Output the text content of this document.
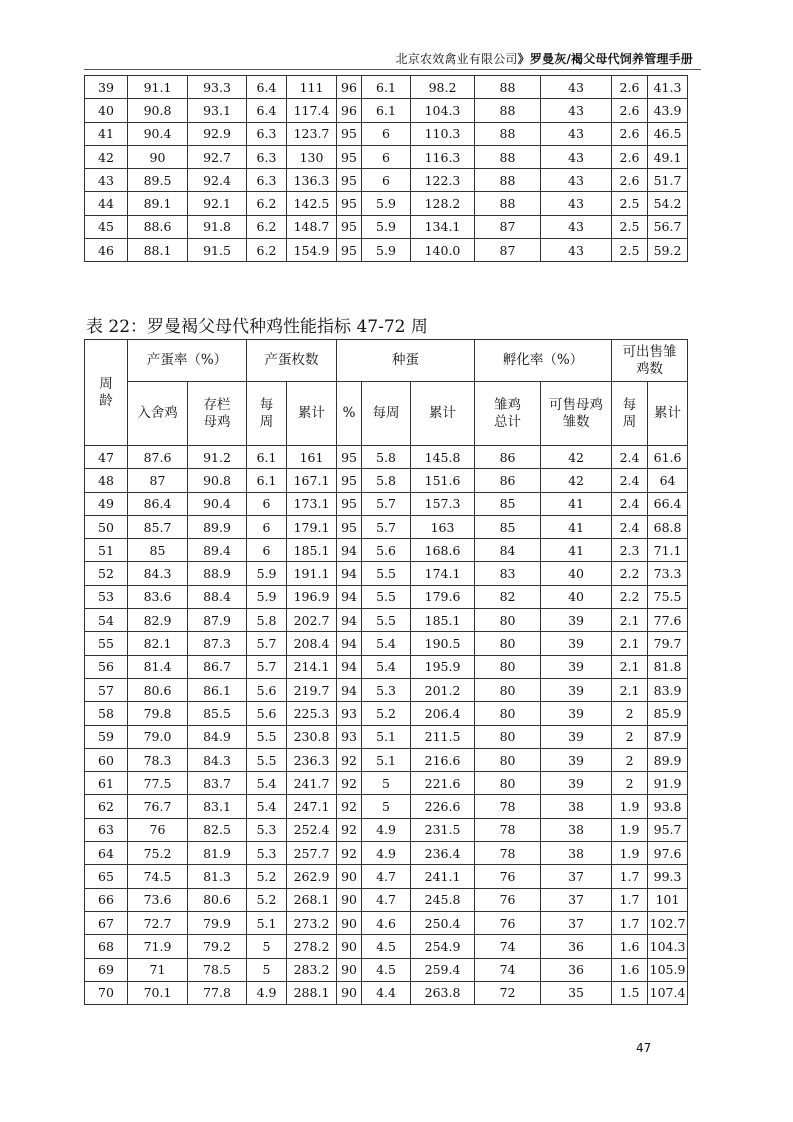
北京农效禽业有限公司》罗曼灰/褐父母代饲养管理手册
39	91.1	93.3	6.4	111	96	6.1	98.2	88	43	2.6	41.3
40	90.8	93.1	6.4	117.4	96	6.1	104.3	88	43	2.6	43.9
41	90.4	92.9	6.3	123.7	95	6	110.3	88	43	2.6	46.5
42	90	92.7	6.3	130	95	6	116.3	88	43	2.6	49.1
43	89.5	92.4	6.3	136.3	95	6	122.3	88	43	2.6	51.7
44	89.1	92.1	6.2	142.5	95	5.9	128.2	88	43	2.5	54.2
45	88.6	91.8	6.2	148.7	95	5.9	134.1	87	43	2.5	56.7
46	88.1	91.5	6.2	154.9	95	5.9	140.0	87	43	2.5	59.2
表 22：罗曼褐父母代种鸡性能指标 47-72 周
周龄	产蛋率（%）		产蛋枚数		种蛋			孵化率（%）		可出售雏鸡数	
	入舍鸡	存栏母鸡	每周	累计	%	每周	累计	雏鸡总计	可售母鸡雏数	每周	累计
47	87.6	91.2	6.1	161	95	5.8	145.8	86	42	2.4	61.6
48	87	90.8	6.1	167.1	95	5.8	151.6	86	42	2.4	64
49	86.4	90.4	6	173.1	95	5.7	157.3	85	41	2.4	66.4
50	85.7	89.9	6	179.1	95	5.7	163	85	41	2.4	68.8
51	85	89.4	6	185.1	94	5.6	168.6	84	41	2.3	71.1
52	84.3	88.9	5.9	191.1	94	5.5	174.1	83	40	2.2	73.3
53	83.6	88.4	5.9	196.9	94	5.5	179.6	82	40	2.2	75.5
54	82.9	87.9	5.8	202.7	94	5.5	185.1	80	39	2.1	77.6
55	82.1	87.3	5.7	208.4	94	5.4	190.5	80	39	2.1	79.7
56	81.4	86.7	5.7	214.1	94	5.4	195.9	80	39	2.1	81.8
57	80.6	86.1	5.6	219.7	94	5.3	201.2	80	39	2.1	83.9
58	79.8	85.5	5.6	225.3	93	5.2	206.4	80	39	2	85.9
59	79.0	84.9	5.5	230.8	93	5.1	211.5	80	39	2	87.9
60	78.3	84.3	5.5	236.3	92	5.1	216.6	80	39	2	89.9
61	77.5	83.7	5.4	241.7	92	5	221.6	80	39	2	91.9
62	76.7	83.1	5.4	247.1	92	5	226.6	78	38	1.9	93.8
63	76	82.5	5.3	252.4	92	4.9	231.5	78	38	1.9	95.7
64	75.2	81.9	5.3	257.7	92	4.9	236.4	78	38	1.9	97.6
65	74.5	81.3	5.2	262.9	90	4.7	241.1	76	37	1.7	99.3
66	73.6	80.6	5.2	268.1	90	4.7	245.8	76	37	1.7	101
67	72.7	79.9	5.1	273.2	90	4.6	250.4	76	37	1.7	102.7
68	71.9	79.2	5	278.2	90	4.5	254.9	74	36	1.6	104.3
69	71	78.5	5	283.2	90	4.5	259.4	74	36	1.6	105.9
70	70.1	77.8	4.9	288.1	90	4.4	263.8	72	35	1.5	107.4
47
